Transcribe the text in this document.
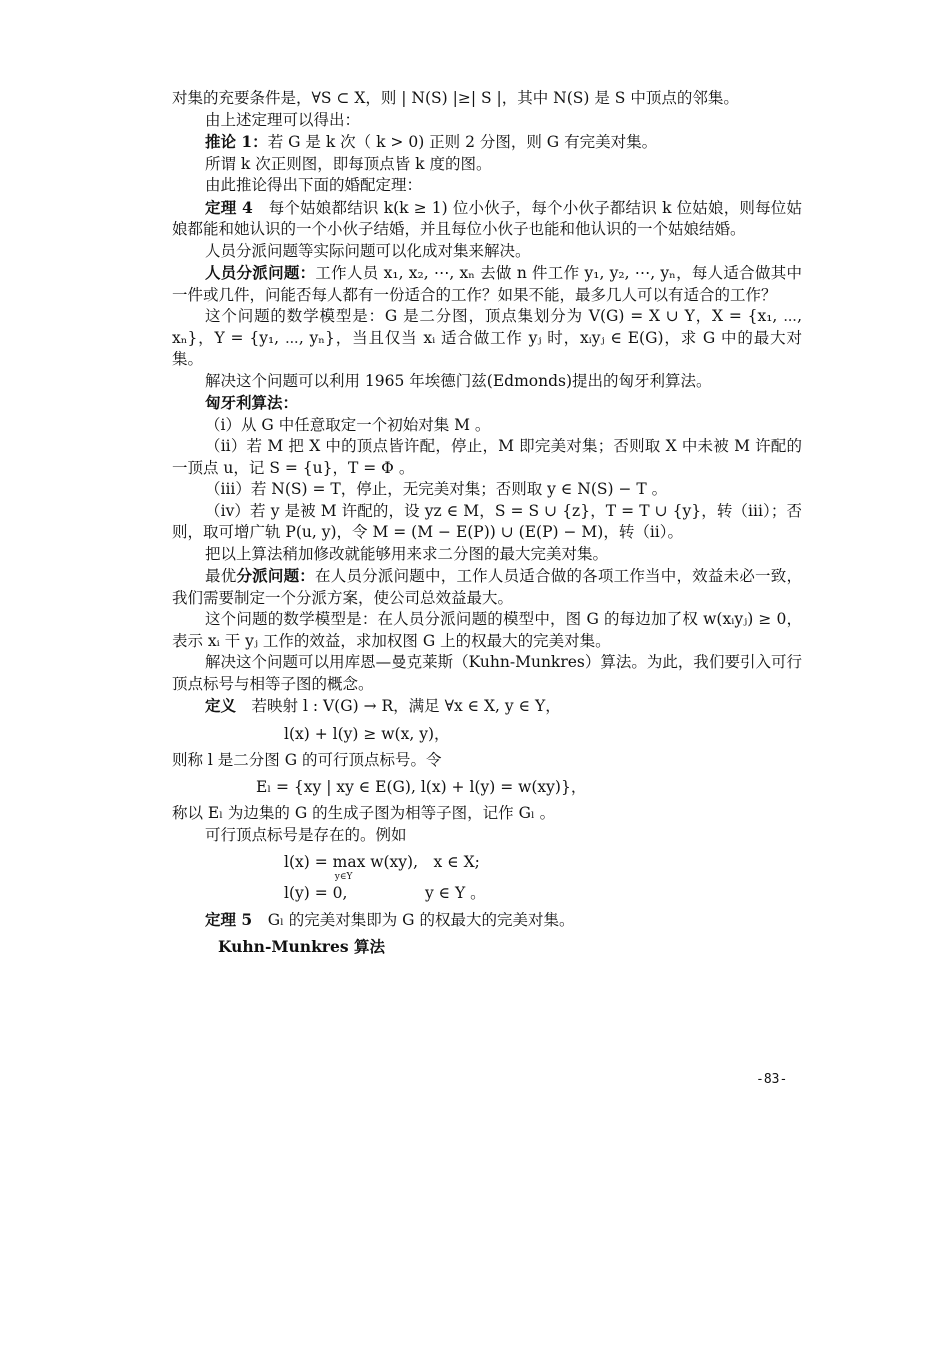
对集的充要条件是，∀S ⊂ X，则 | N(S) |≥| S |，其中 N(S) 是 S 中顶点的邻集。

由上述定理可以得出：

推论 1：若 G 是 k 次（ k > 0) 正则 2 分图，则 G 有完美对集。

所谓 k 次正则图，即每顶点皆 k 度的图。

由此推论得出下面的婚配定理：

定理 4　每个姑娘都结识 k(k ≥ 1) 位小伙子，每个小伙子都结识 k 位姑娘，则每位姑娘都能和她认识的一个小伙子结婚，并且每位小伙子也能和他认识的一个姑娘结婚。

人员分派问题等实际问题可以化成对集来解决。

人员分派问题：工作人员 x₁, x₂, ⋯, xₙ 去做 n 件工作 y₁, y₂, ⋯, yₙ，每人适合做其中一件或几件，问能否每人都有一份适合的工作？如果不能，最多几人可以有适合的工作？

这个问题的数学模型是：G 是二分图，顶点集划分为 V(G) = X ∪ Y，X = {x₁, ⋯, xₙ}，Y = {y₁, ⋯, yₙ}，当且仅当 xᵢ 适合做工作 yⱼ 时，xᵢyⱼ ∈ E(G)，求 G 中的最大对集。

解决这个问题可以利用 1965 年埃德门兹(Edmonds)提出的匈牙利算法。

匈牙利算法：

（i）从 G 中任意取定一个初始对集 M 。

（ii）若 M 把 X 中的顶点皆许配，停止，M 即完美对集；否则取 X 中未被 M 许配的一顶点 u，记 S = {u}，T = Φ 。

（iii）若 N(S) = T，停止，无完美对集；否则取 y ∈ N(S) − T 。

（iv）若 y 是被 M 许配的，设 yz ∈ M，S = S ∪ {z}，T = T ∪ {y}，转（iii）；否则，取可增广轨 P(u, y)，令 M = (M − E(P)) ∪ (E(P) − M)，转（ii）。

把以上算法稍加修改就能够用来求二分图的最大完美对集。

最优分派问题：在人员分派问题中，工作人员适合做的各项工作当中，效益未必一致，我们需要制定一个分派方案，使公司总效益最大。

这个问题的数学模型是：在人员分派问题的模型中，图 G 的每边加了权 w(xᵢyⱼ) ≥ 0，表示 xᵢ 干 yⱼ 工作的效益，求加权图 G 上的权最大的完美对集。

解决这个问题可以用库恩—曼克莱斯（Kuhn-Munkres）算法。为此，我们要引入可行顶点标号与相等子图的概念。

定义　若映射 l : V(G) → R，满足 ∀x ∈ X, y ∈ Y，

l(x) + l(y) ≥ w(x, y)，

则称 l 是二分图 G 的可行顶点标号。令

Eₗ = {xy | xy ∈ E(G), l(x) + l(y) = w(xy)}，

称以 Eₗ 为边集的 G 的生成子图为相等子图，记作 Gₗ 。

可行顶点标号是存在的。例如

l(x) = max w(xy),　x ∈ X; $_{y\in Y}$

l(y) = 0,　　　　　y ∈ Y 。

定理 5　Gₗ 的完美对集即为 G 的权最大的完美对集。

Kuhn-Munkres 算法

-83-
